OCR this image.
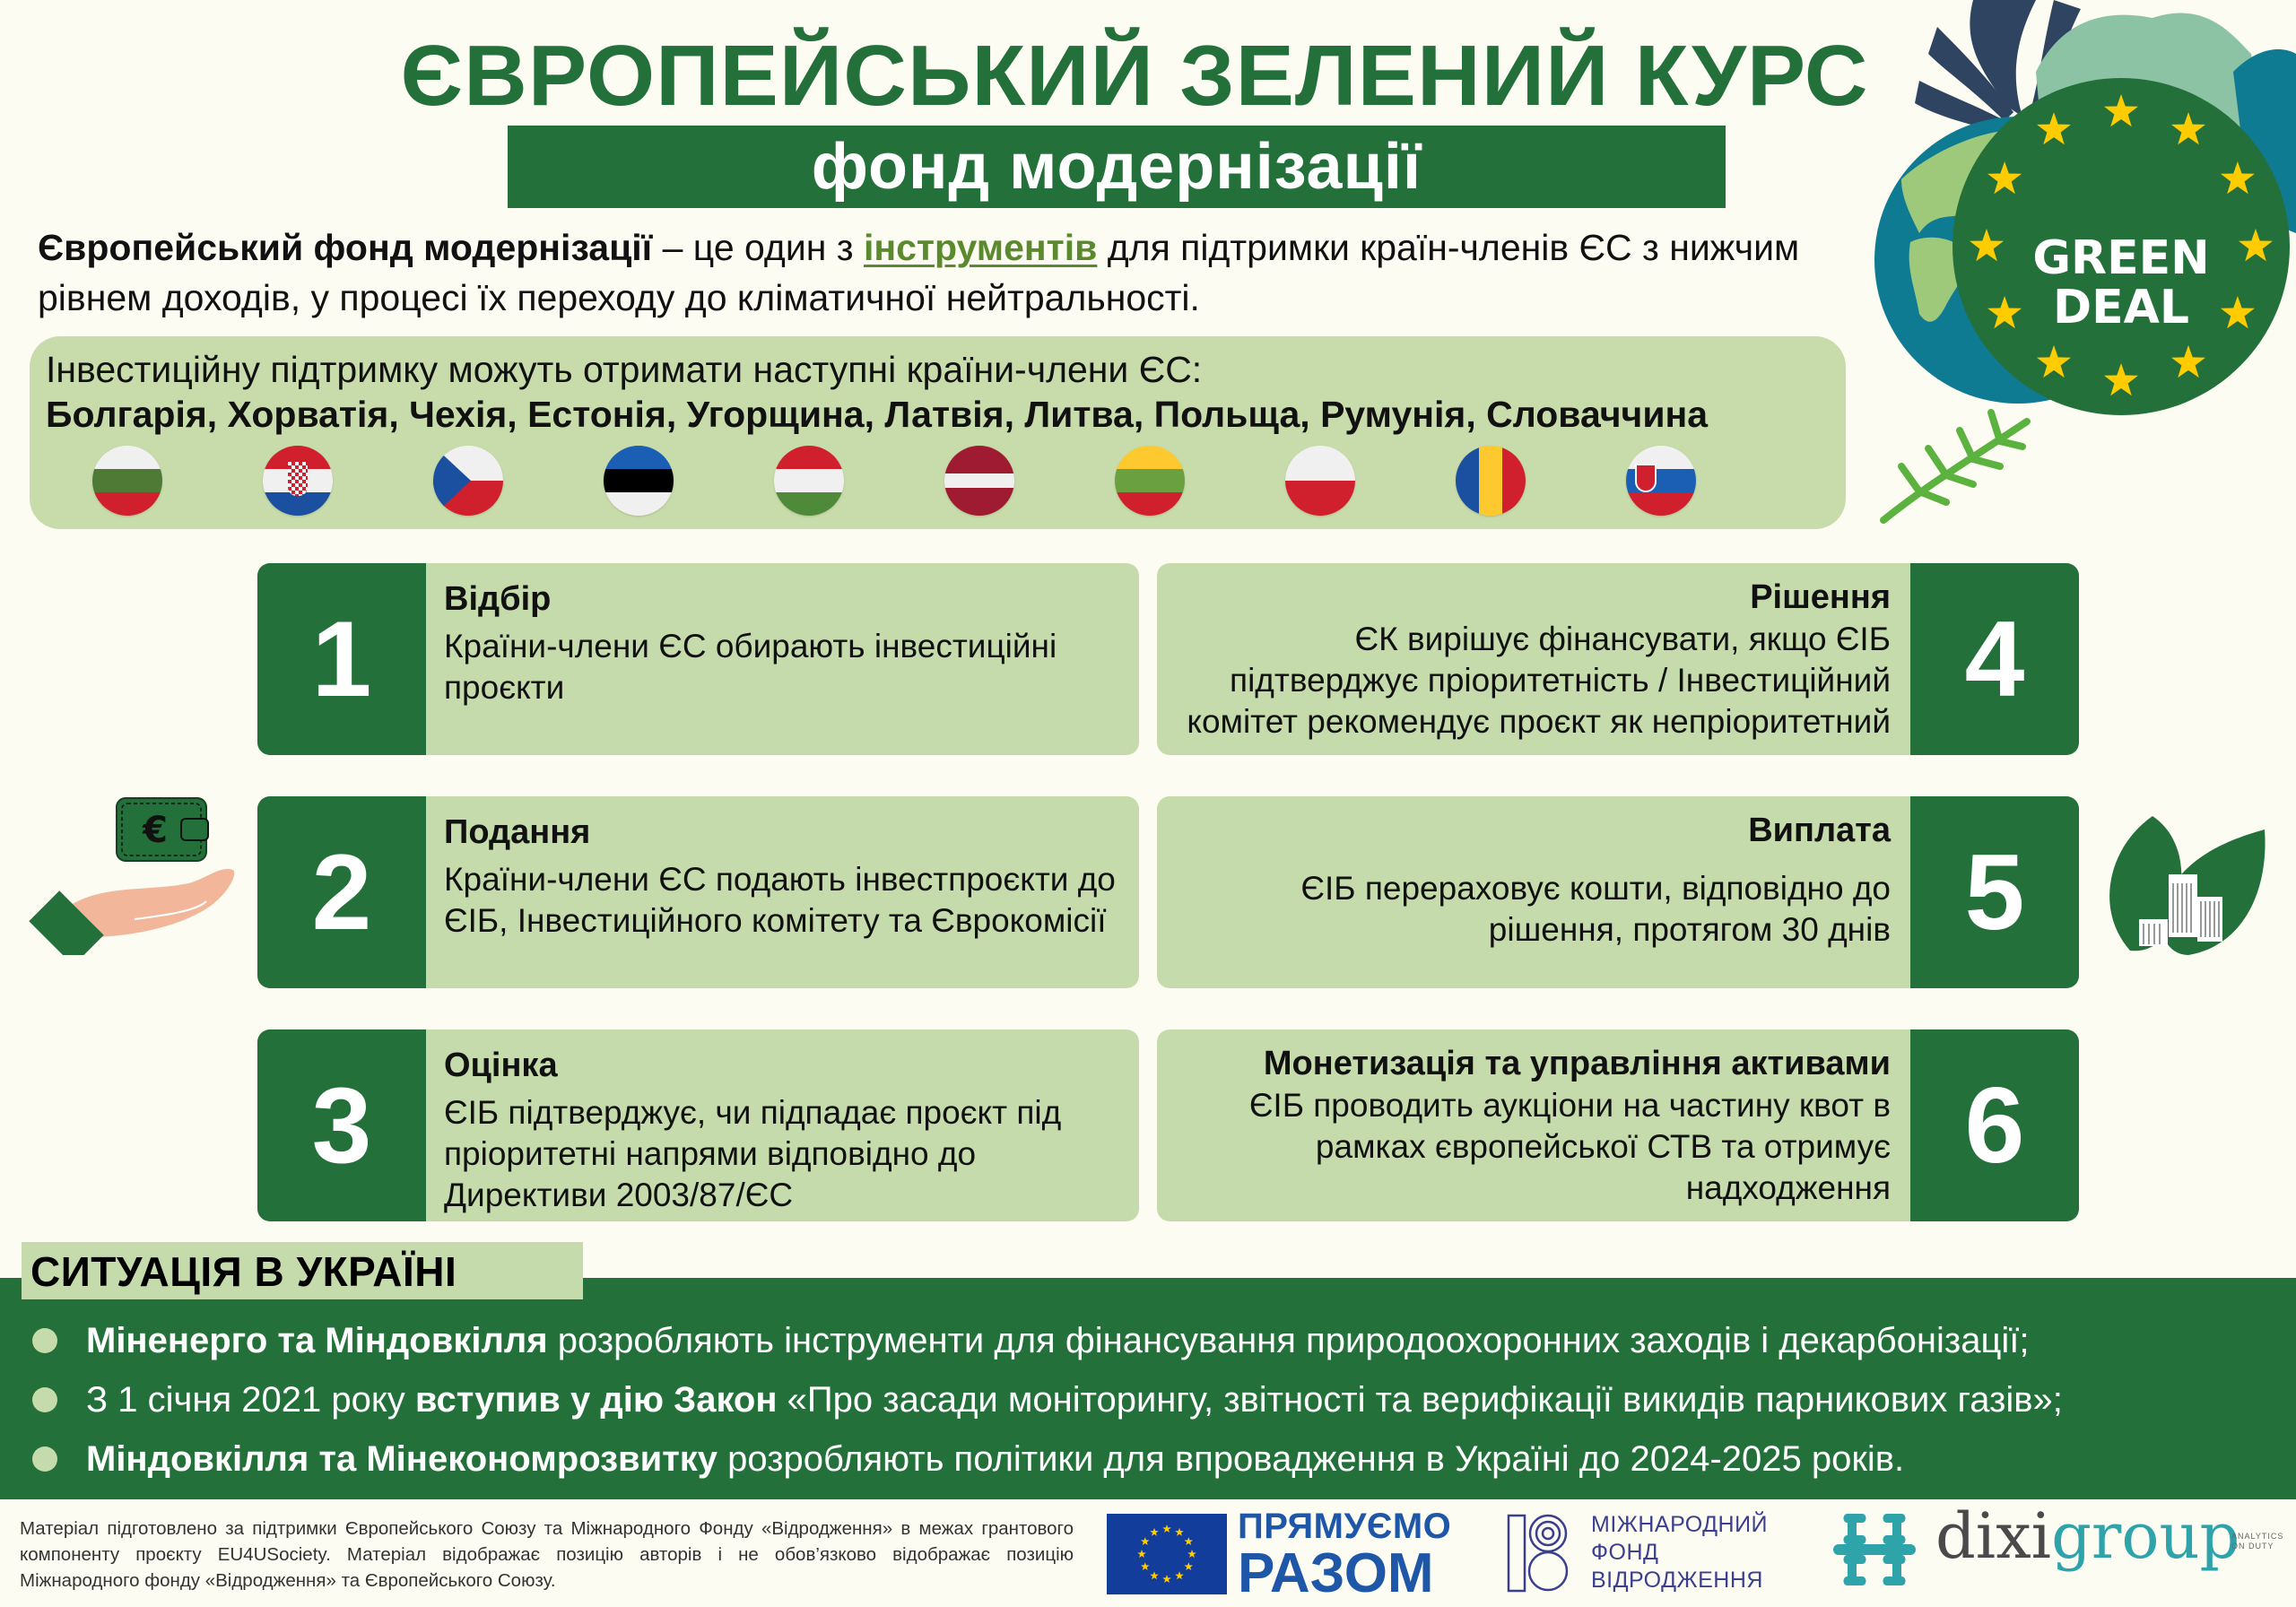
GREEN
DEAL
ЄВРОПЕЙСЬКИЙ ЗЕЛЕНИЙ КУРС
фонд модернізації

Європейський фонд модернізації – це один з інструментів для підтримки країн-членів ЄС з нижчим рівнем доходів, у процесі їх переходу до кліматичної нейтральності.

Інвестиційну підтримку можуть отримати наступні країни-члени ЄС:
Болгарія, Хорватія, Чехія, Естонія, Угорщина, Латвія, Литва, Польща, Румунія, Словаччина
1	Відбір
Країни-члени ЄС обирають інвестиційні проєкти
2	Подання
Країни-члени ЄС подають інвестпроєкти до ЄІБ, Інвестиційного комітету та Єврокомісії
3	Оцінка
ЄІБ підтверджує, чи підпадає проєкт під пріоритетні напрями відповідно до Директиви 2003/87/ЄС
4
Рішення
ЄК вирішує фінансувати, якщо ЄІБ підтверджує пріоритетність / Інвестиційний комітет рекомендує проєкт як непріоритетний
5
Виплата
ЄІБ перераховує кошти, відповідно до рішення, протягом 30 днів
6
Монетизація та управління активами
ЄІБ проводить аукціони на частину квот в рамках європейської СТВ та отримує надходження
€
СИТУАЦІЯ В УКРАЇНІ
Міненерго та Міндовкілля розробляють інструменти для фінансування природоохоронних заходів і декарбонізації;
З 1 січня 2021 року вступив у дію Закон «Про засади моніторингу, звітності та верифікації викидів парникових газів»;
Міндовкілля та Мінекономрозвитку розробляють політики для впровадження в Україні до 2024-2025 років.

Матеріал підготовлено за підтримки Європейського Союзу та Міжнародного Фонду «Відродження» в межах грантового компоненту проєкту EU4USociety. Матеріал відображає позицію авторів і не обов’язково відображає позицію Міжнародного фонду «Відродження» та Європейського Союзу.

ПРЯМУЄМО
РАЗОМ
МІЖНАРОДНИЙ
ФОНД
ВІДРОДЖЕННЯ
dixigroup
ANALYTICS
ON DUTY
